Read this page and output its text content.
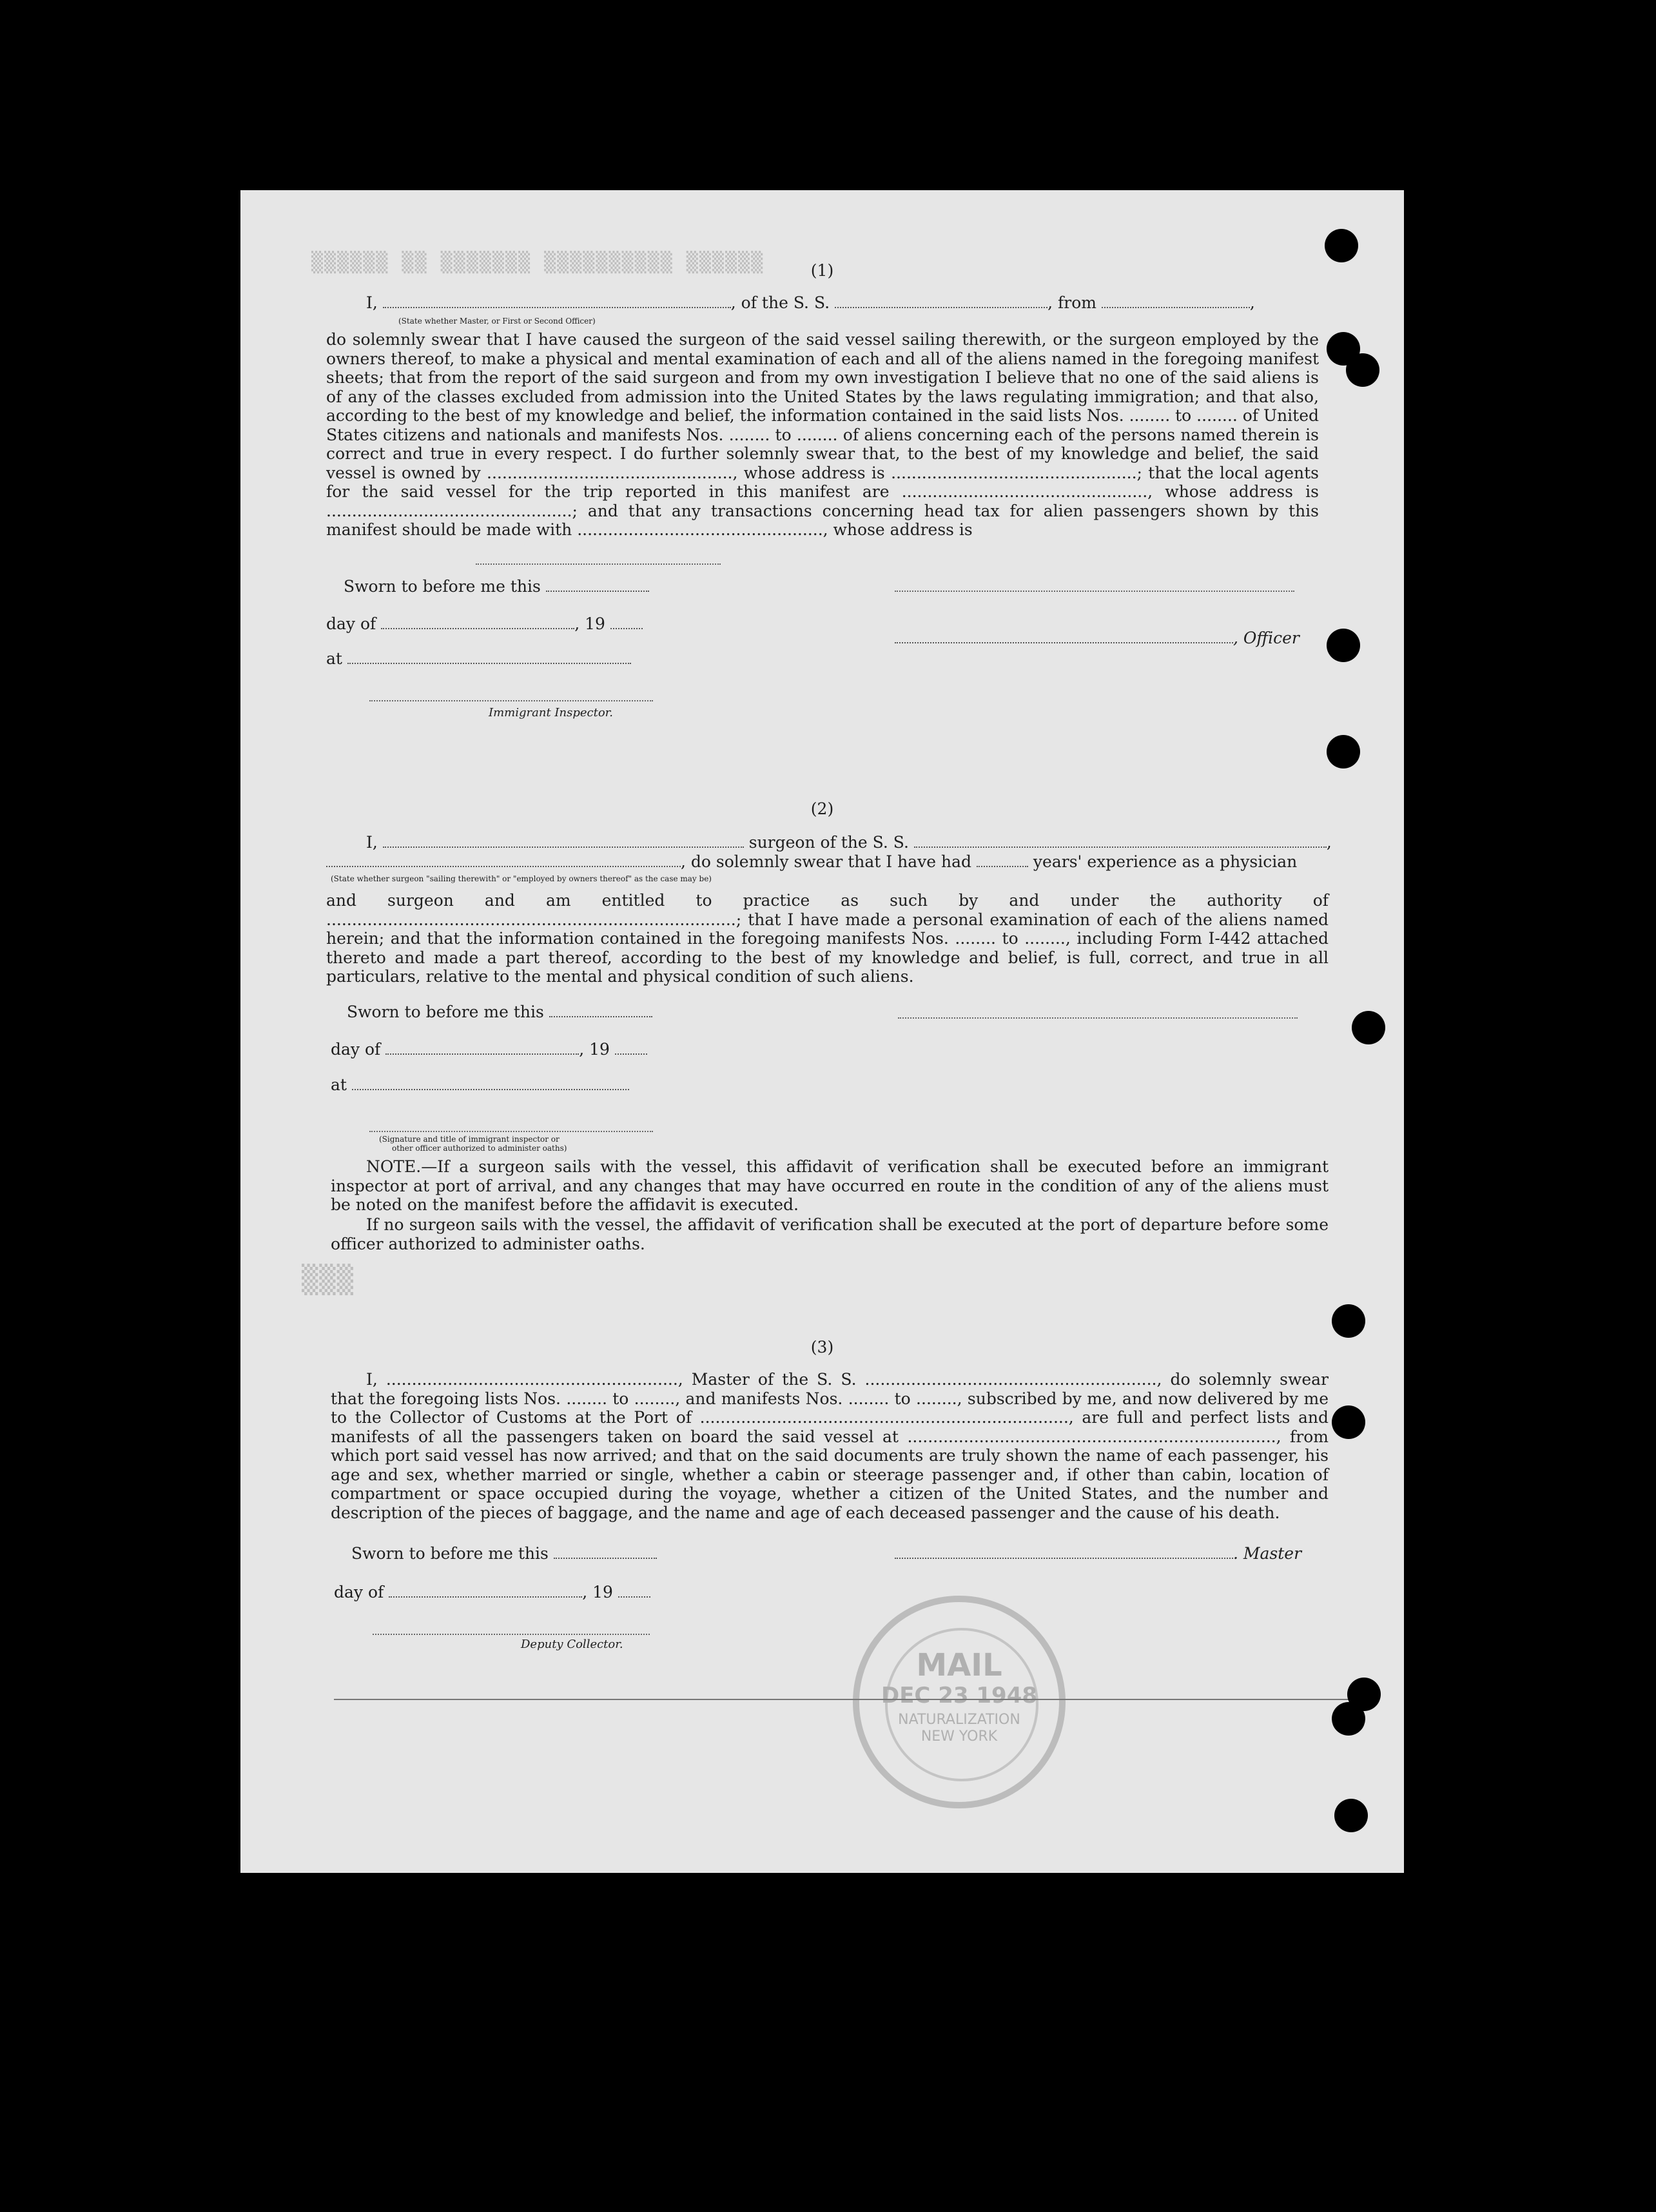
▒▒▒▒▒▒ ▒▒ ▒▒▒▒▒▒▒ ▒▒▒▒▒▒▒▒▒▒ ▒▒▒▒▒▒	(1)
I,	, of the S. S.	, from	,
(State whether Master, or First or Second Officer)
do solemnly swear that I have caused the surgeon of the said vessel sailing therewith, or the surgeon employed by the owners thereof, to make a physical and mental examination of each and all of the aliens named in the foregoing manifest sheets; that from the report of the said surgeon and from my own investigation I believe that no one of the said aliens is of any of the classes excluded from admission into the United States by the laws regulating immigration; and that also, according to the best of my knowledge and belief, the information contained in the said lists Nos. ........ to ........ of United States citizens and nationals and manifests Nos. ........ to ........ of aliens concerning each of the persons named therein is correct and true in every respect. I do further solemnly swear that, to the best of my knowledge and belief, the said vessel is owned by ................................................, whose address is ................................................; that the local agents for the said vessel for the trip reported in this manifest are ................................................, whose address is ................................................; and that any transactions concerning head tax for alien passengers shown by this manifest should be made with ................................................, whose address is
Sworn to before me this
day of	, 19
, Officer
at
Immigrant Inspector.
(2)
I,	surgeon of the S. S.	,
, do solemnly swear that I have had	years' experience as a physician
(State whether surgeon "sailing therewith" or "employed by owners thereof" as the case may be)
and surgeon and am entitled to practice as such by and under the authority of ................................................................................; that I have made a personal examination of each of the aliens named herein; and that the information contained in the foregoing manifests Nos. ........ to ........, including Form I-442 attached thereto and made a part thereof, according to the best of my knowledge and belief, is full, correct, and true in all particulars, relative to the mental and physical condition of such aliens.
Sworn to before me this
day of	, 19
at
(Signature and title of immigrant inspector or
other officer authorized to administer oaths)
NOTE.—If a surgeon sails with the vessel, this affidavit of verification shall be executed before an immigrant inspector at port of arrival, and any changes that may have occurred en route in the condition of any of the aliens must be noted on the manifest before the affidavit is executed.
If no surgeon sails with the vessel, the affidavit of verification shall be executed at the port of departure before some officer authorized to administer oaths.
▒▒▒
(3)
I, ........................................................., Master of the S. S. ........................................................., do solemnly swear that the foregoing lists Nos. ........ to ........, and manifests Nos. ........ to ........, subscribed by me, and now delivered by me to the Collector of Customs at the Port of ........................................................................, are full and perfect lists and manifests of all the passengers taken on board the said vessel at ........................................................................, from which port said vessel has now arrived; and that on the said documents are truly shown the name of each passenger, his age and sex, whether married or single, whether a cabin or steerage passenger and, if other than cabin, location of compartment or space occupied during the voyage, whether a citizen of the United States, and the number and description of the pieces of baggage, and the name and age of each deceased passenger and the cause of his death.
Sworn to before me this	. Master
day of	, 19
Deputy Collector.
MAIL
DEC 23 1948
NATURALIZATION
NEW YORK
